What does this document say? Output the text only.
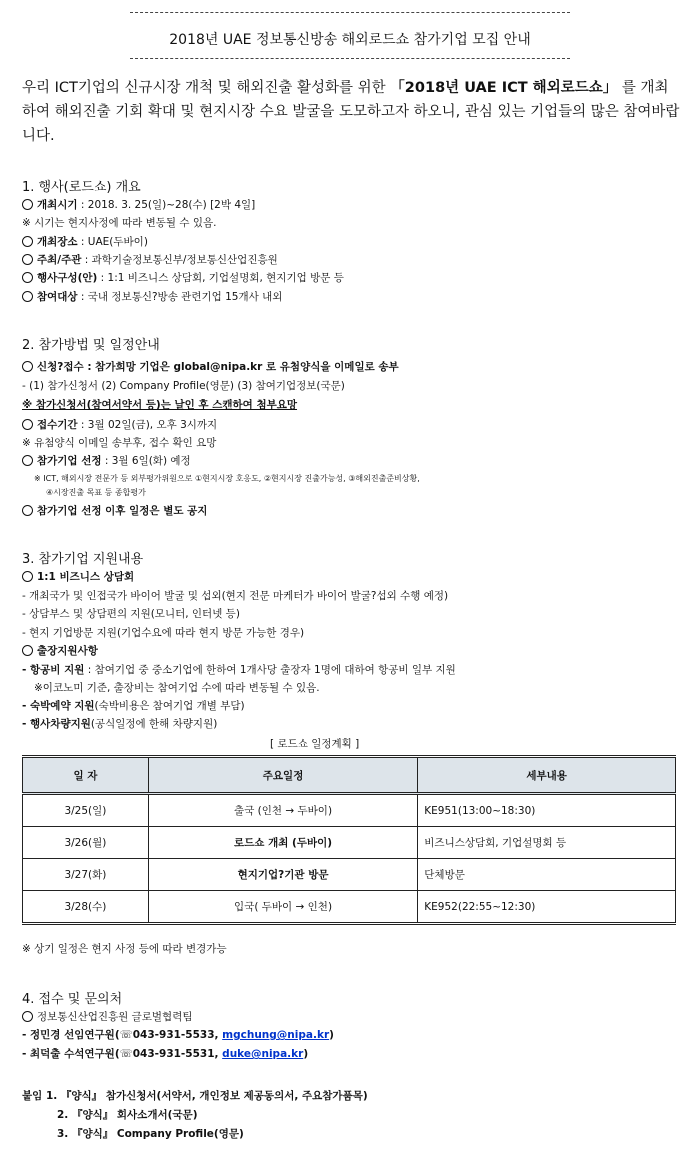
2018년 UAE 정보통신방송 해외로드쇼 참가기업 모집 안내
우리 ICT기업의 신규시장 개척 및 해외진출 활성화를 위한 「2018년 UAE ICT 해외로드쇼」 를 개최하여 해외진출 기회 확대 및 현지시장 수요 발굴을 도모하고자 하오니, 관심 있는 기업들의 많은 참여바랍니다.
1. 행사(로드쇼) 개요
개최시기 : 2018. 3. 25(일)~28(수) [2박 4일]
※ 시기는 현지사정에 따라 변동될 수 있음.
개최장소 : UAE(두바이)
주최/주관 : 과학기술정보통신부/정보통신산업진흥원
행사구성(안) : 1:1 비즈니스 상담회, 기업설명회, 현지기업 방문 등
참여대상 : 국내 정보통신?방송 관련기업 15개사 내외
2. 참가방법 및 일정안내
신청?접수 : 참가희망 기업은 global@nipa.kr 로 유첨양식을 이메일로 송부
- (1) 참가신청서 (2) Company Profile(영문) (3) 참여기업정보(국문)
※ 참가신청서(참여서약서 등)는 날인 후 스캔하여 첨부요망
접수기간 : 3월 02일(금), 오후 3시까지
※ 유첨양식 이메일 송부후, 접수 확인 요망
참가기업 선정 : 3월 6일(화) 예정
※ ICT, 해외시장 전문가 등 외부평가위원으로 ①현지시장 호응도, ②현지시장 진출가능성, ③해외진출준비상황,
④시장진출 목표 등 종합평가
참가기업 선정 이후 일정은 별도 공지
3. 참가기업 지원내용
1:1 비즈니스 상담회
- 개최국가 및 인접국가 바이어 발굴 및 섭외(현지 전문 마케터가 바이어 발굴?섭외 수행 예정)
- 상담부스 및 상담편의 지원(모니터, 인터넷 등)
- 현지 기업방문 지원(기업수요에 따라 현지 방문 가능한 경우)
출장지원사항
- 항공비 지원 : 참여기업 중 중소기업에 한하여 1개사당 출장자 1명에 대하여 항공비 일부 지원
※이코노미 기준, 출장비는 참여기업 수에 따라 변동될 수 있음.
- 숙박예약 지원(숙박비용은 참여기업 개별 부담)
- 행사차량지원(공식일정에 한해 차량지원)
[ 로드쇼 일정계획 ]
일 자	주요일정	세부내용
3/25(일)	출국 (인천 → 두바이)	KE951(13:00~18:30)
3/26(월)	로드쇼 개최 (두바이)	비즈니스상담회, 기업설명회 등
3/27(화)	현지기업?기관 방문	단체방문
3/28(수)	입국( 두바이 → 인천)	KE952(22:55~12:30)
※ 상기 일정은 현지 사정 등에 따라 변경가능
4. 접수 및 문의처
정보통신산업진흥원 글로벌협력팀
- 정민경 선임연구원(☏043-931-5533, mgchung@nipa.kr)
- 최덕출 수석연구원(☏043-931-5531, duke@nipa.kr)
붙임 1. 『양식』 참가신청서(서약서, 개인정보 제공동의서, 주요참가품목)
2. 『양식』 회사소개서(국문)
3. 『양식』 Company Profile(영문)
